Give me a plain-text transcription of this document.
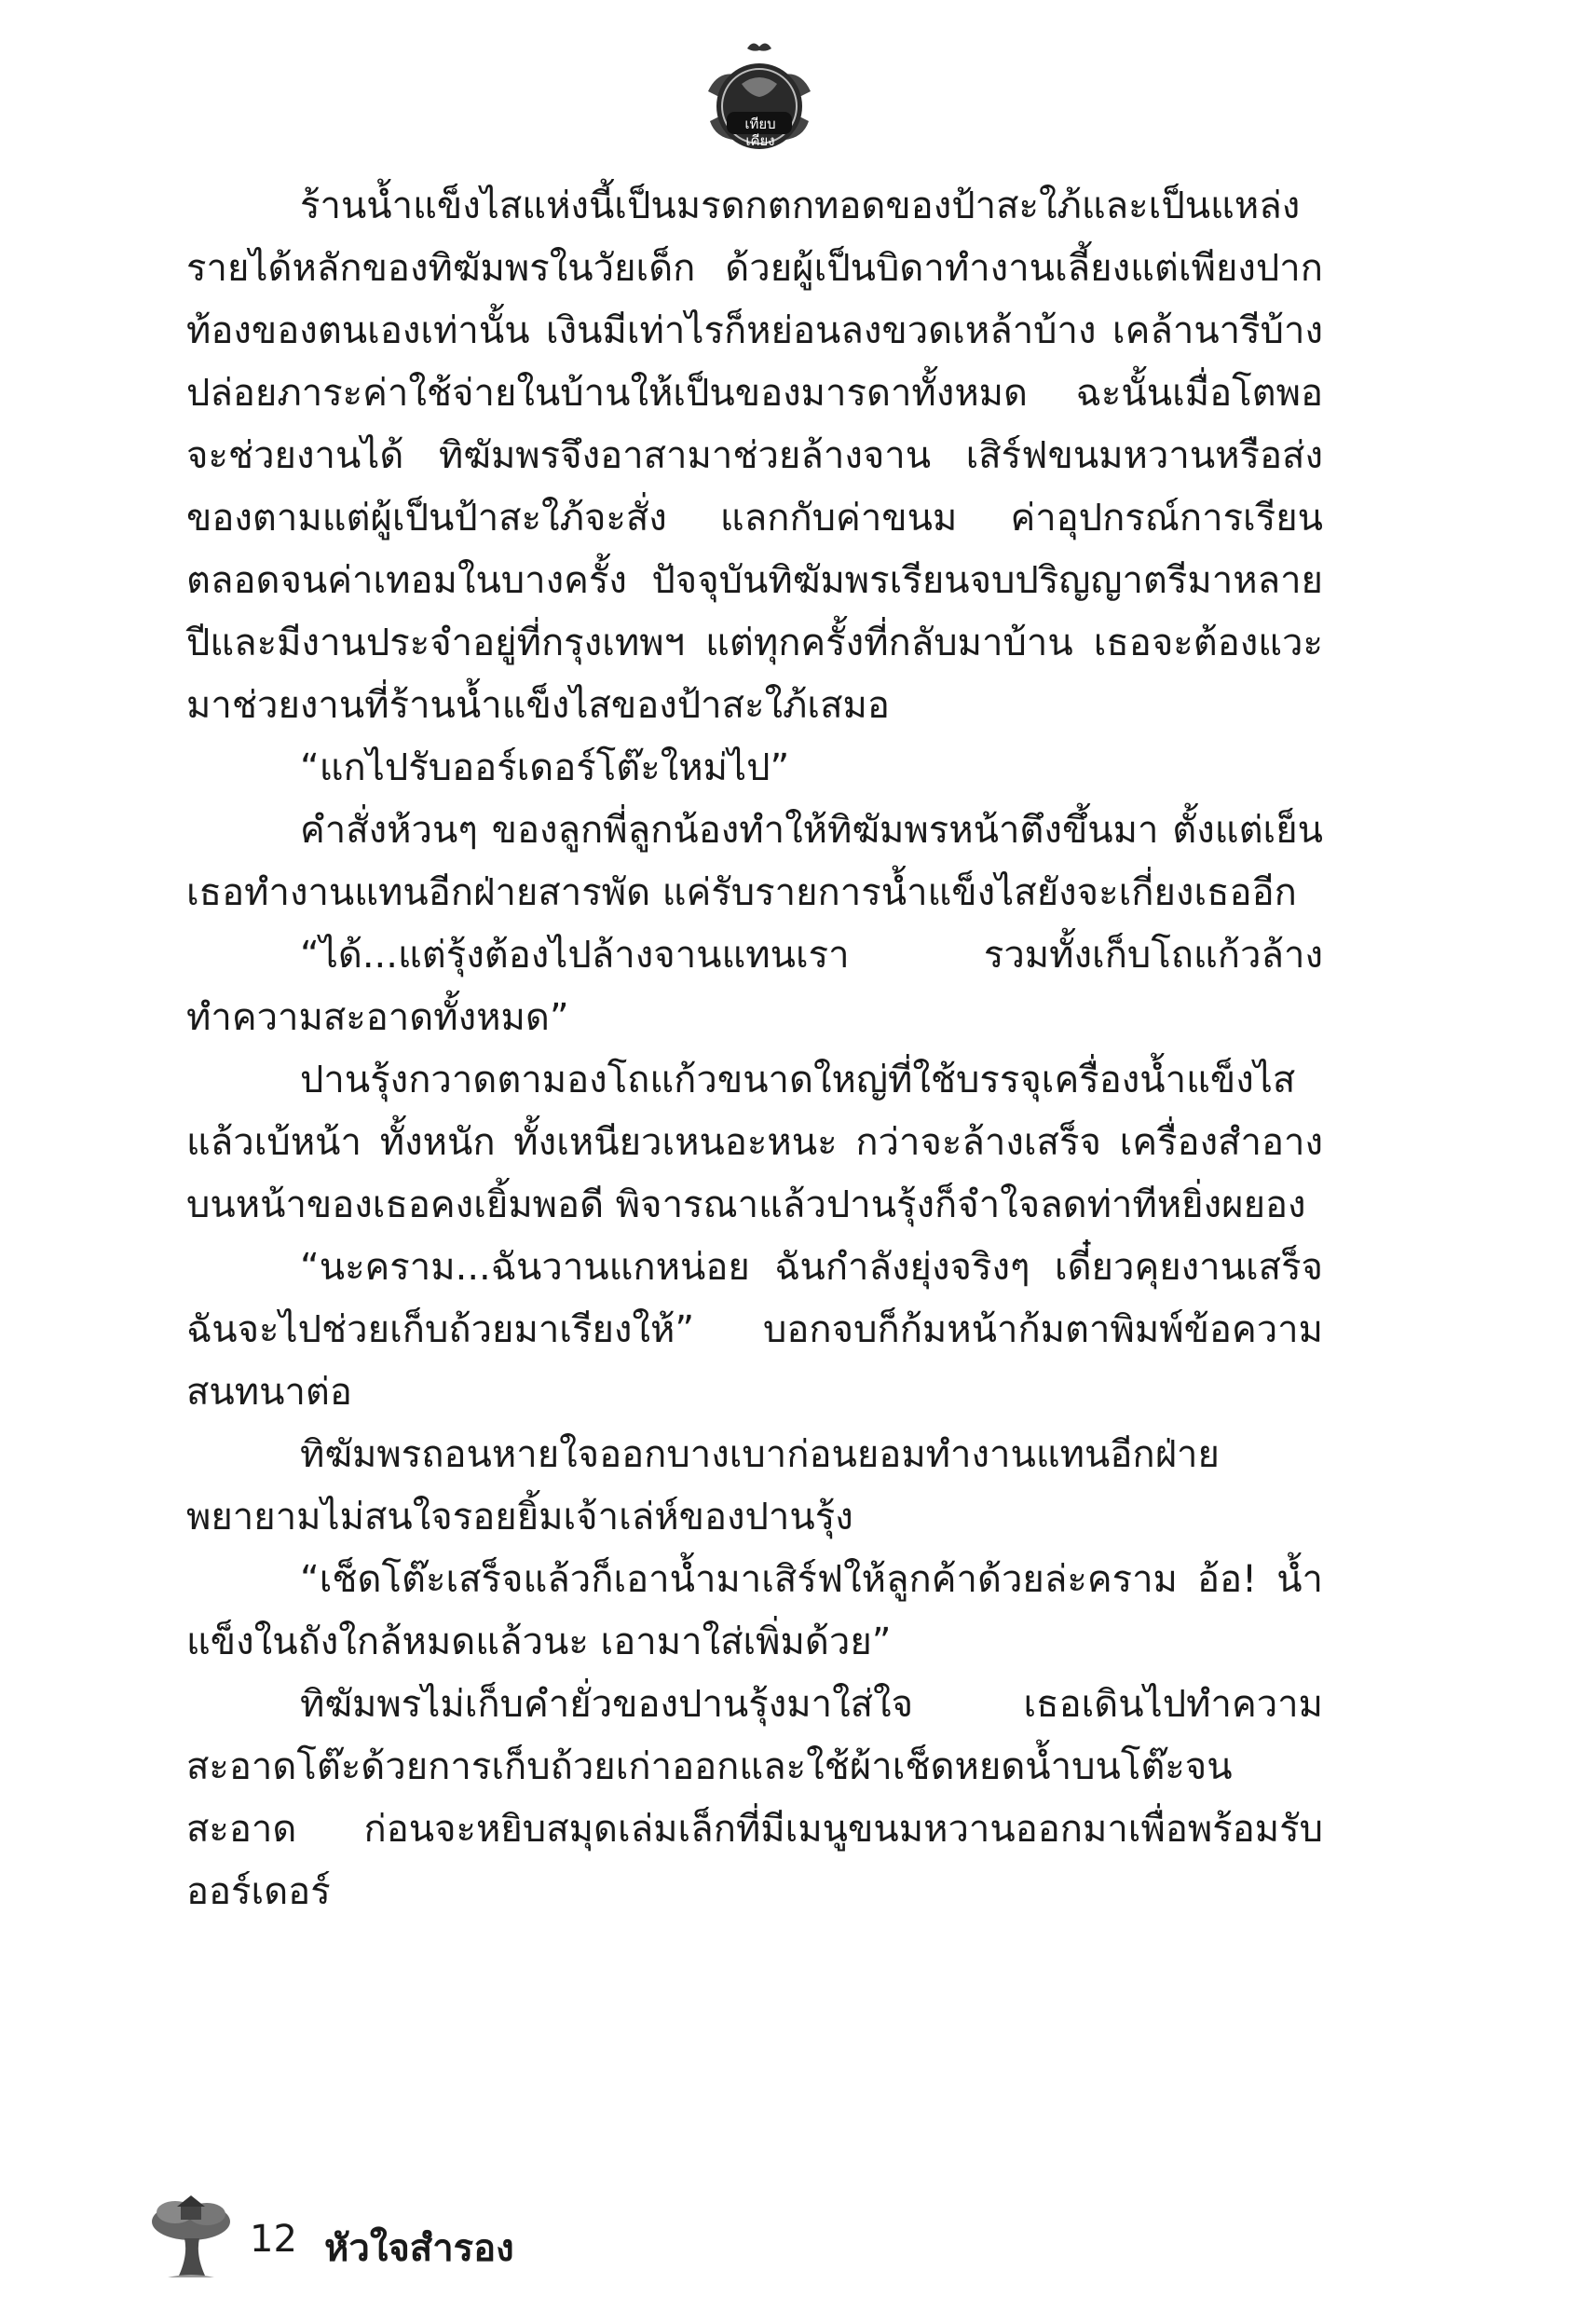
เทียบเคียง

ร้านน้ำแข็งไสแห่งนี้เป็นมรดกตกทอดของป้าสะใภ้และเป็นแหล่งรายได้หลักของทิฆัมพรในวัยเด็ก ด้วยผู้เป็นบิดาทำงานเลี้ยงแต่เพียงปากท้องของตนเองเท่านั้น เงินมีเท่าไรก็หย่อนลงขวดเหล้าบ้าง เคล้านารีบ้าง ปล่อยภาระค่าใช้จ่ายในบ้านให้เป็นของมารดาทั้งหมด ฉะนั้นเมื่อโตพอจะช่วยงานได้ ทิฆัมพรจึงอาสามาช่วยล้างจาน เสิร์ฟขนมหวานหรือส่งของตามแต่ผู้เป็นป้าสะใภ้จะสั่ง แลกกับค่าขนม ค่าอุปกรณ์การเรียน ตลอดจนค่าเทอมในบางครั้ง ปัจจุบันทิฆัมพรเรียนจบปริญญาตรีมาหลายปีและมีงานประจำอยู่ที่กรุงเทพฯ แต่ทุกครั้งที่กลับมาบ้าน เธอจะต้องแวะมาช่วยงานที่ร้านน้ำแข็งไสของป้าสะใภ้เสมอ

“แกไปรับออร์เดอร์โต๊ะใหม่ไป”

คำสั่งห้วนๆ ของลูกพี่ลูกน้องทำให้ทิฆัมพรหน้าตึงขึ้นมา ตั้งแต่เย็นเธอทำงานแทนอีกฝ่ายสารพัด แค่รับรายการน้ำแข็งไสยังจะเกี่ยงเธออีก

“ได้...แต่รุ้งต้องไปล้างจานแทนเรา รวมทั้งเก็บโถแก้วล้างทำความสะอาดทั้งหมด”

ปานรุ้งกวาดตามองโถแก้วขนาดใหญ่ที่ใช้บรรจุเครื่องน้ำแข็งไสแล้วเบ้หน้า ทั้งหนัก ทั้งเหนียวเหนอะหนะ กว่าจะล้างเสร็จ เครื่องสำอางบนหน้าของเธอคงเยิ้มพอดี พิจารณาแล้วปานรุ้งก็จำใจลดท่าทีหยิ่งผยอง

“นะคราม...ฉันวานแกหน่อย ฉันกำลังยุ่งจริงๆ เดี๋ยวคุยงานเสร็จฉันจะไปช่วยเก็บถ้วยมาเรียงให้” บอกจบก็ก้มหน้าก้มตาพิมพ์ข้อความสนทนาต่อ

ทิฆัมพรถอนหายใจออกบางเบาก่อนยอมทำงานแทนอีกฝ่าย พยายามไม่สนใจรอยยิ้มเจ้าเล่ห์ของปานรุ้ง

“เช็ดโต๊ะเสร็จแล้วก็เอาน้ำมาเสิร์ฟให้ลูกค้าด้วยล่ะคราม อ้อ! น้ำแข็งในถังใกล้หมดแล้วนะ เอามาใส่เพิ่มด้วย”

ทิฆัมพรไม่เก็บคำยั่วของปานรุ้งมาใส่ใจ เธอเดินไปทำความสะอาดโต๊ะด้วยการเก็บถ้วยเก่าออกและใช้ผ้าเช็ดหยดน้ำบนโต๊ะจนสะอาด ก่อนจะหยิบสมุดเล่มเล็กที่มีเมนูขนมหวานออกมาเพื่อพร้อมรับออร์เดอร์

12 หัวใจสำรอง
